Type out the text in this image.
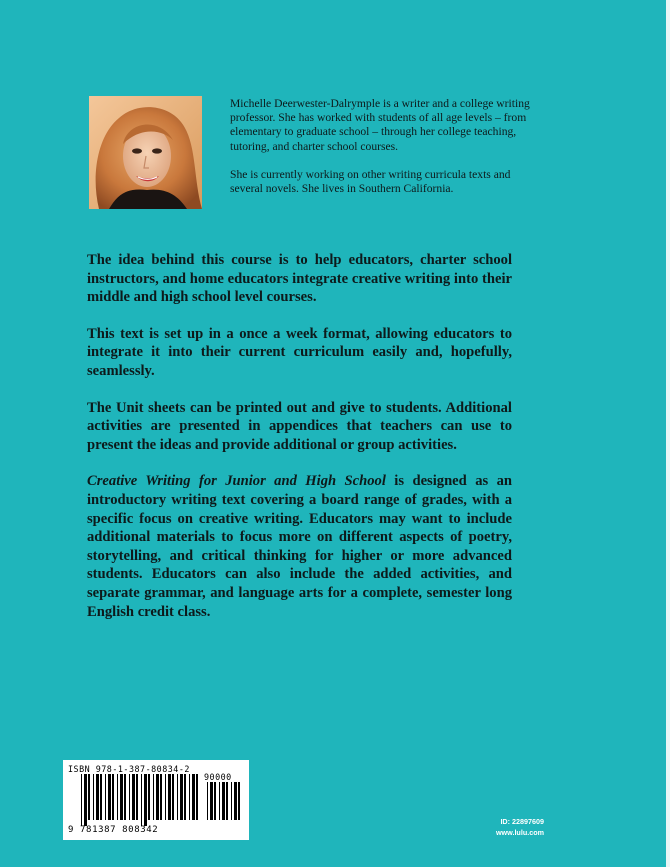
Michelle Deerwester-Dalrymple is a writer and a college writing professor. She has worked with students of all age levels – from elementary to graduate school – through her college teaching, tutoring, and charter school courses.

She is currently working on other writing curricula texts and several novels. She lives in Southern California.

The idea behind this course is to help educators, charter school instructors, and home educators integrate creative writing into their middle and high school level courses.

This text is set up in a once a week format, allowing educators to integrate it into their current curriculum easily and, hopefully, seamlessly.

The Unit sheets can be printed out and give to students. Additional activities are presented in appendices that teachers can use to present the ideas and provide additional or group activities.

Creative Writing for Junior and High School is designed as an introductory writing text covering a board range of grades, with a specific focus on creative writing. Educators may want to include additional materials to focus more on different aspects of poetry, storytelling, and critical thinking for higher or more advanced students. Educators can also include the added activities, and separate grammar, and language arts for a complete, semester long English credit class.

ISBN 978-1-387-80834-2
90000
9 781387 808342
ID: 22897609
www.lulu.com
